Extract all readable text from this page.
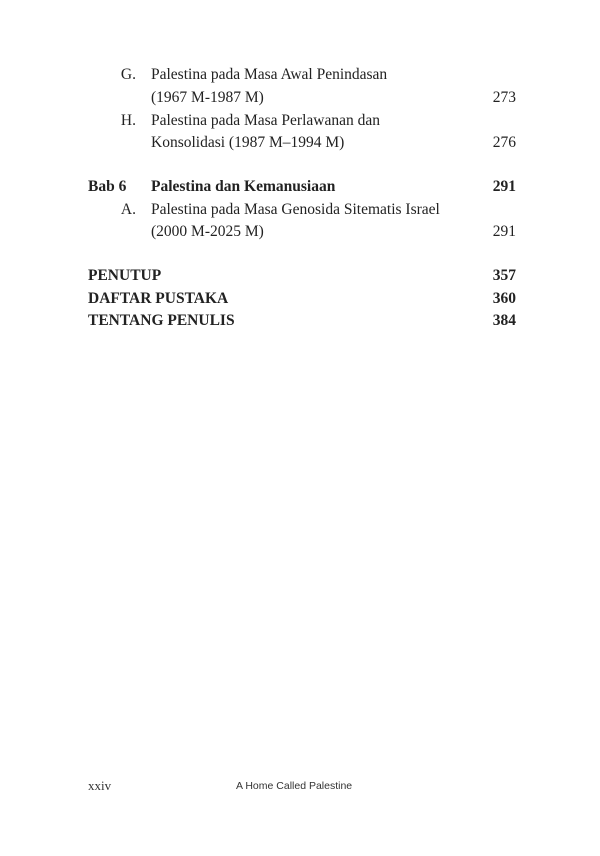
G. Palestina pada Masa Awal Penindasan
(1967 M-1987 M)	273
H. Palestina pada Masa Perlawanan dan
Konsolidasi (1987 M–1994 M)	276
Bab 6 Palestina dan Kemanusiaan	291
A. Palestina pada Masa Genosida Sitematis Israel
(2000 M-2025 M)	291
PENUTUP	357
DAFTAR PUSTAKA	360
TENTANG PENULIS	384
xxiv	A Home Called Palestine
